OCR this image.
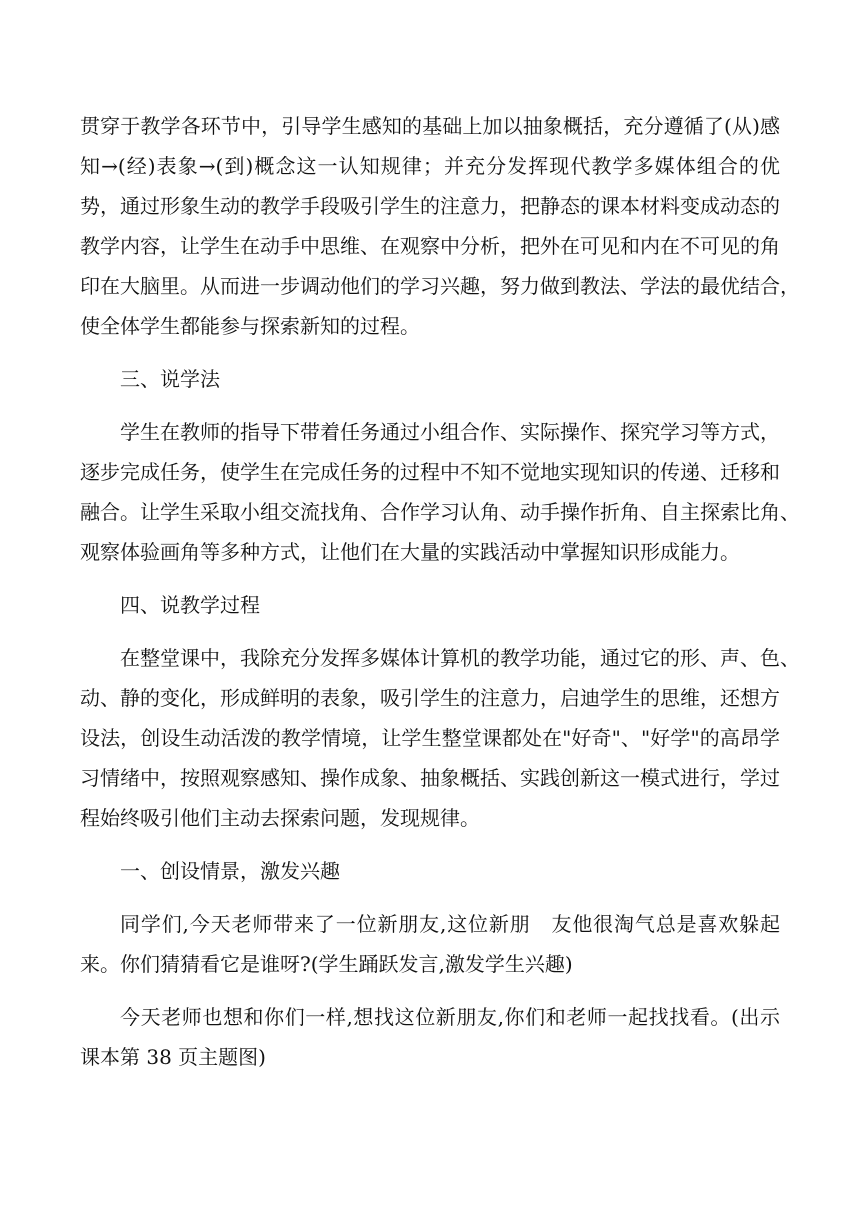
贯穿于教学各环节中，引导学生感知的基础上加以抽象概括，充分遵循了(从)感
知→(经)表象→(到)概念这一认知规律；并充分发挥现代教学多媒体组合的优
势，通过形象生动的教学手段吸引学生的注意力，把静态的课本材料变成动态的
教学内容，让学生在动手中思维、在观察中分析，把外在可见和内在不可见的角
印在大脑里。从而进一步调动他们的学习兴趣，努力做到教法、学法的最优结合，
使全体学生都能参与探索新知的过程。
三、说学法
学生在教师的指导下带着任务通过小组合作、实际操作、探究学习等方式，
逐步完成任务，使学生在完成任务的过程中不知不觉地实现知识的传递、迁移和
融合。让学生采取小组交流找角、合作学习认角、动手操作折角、自主探索比角、
观察体验画角等多种方式，让他们在大量的实践活动中掌握知识形成能力。
四、说教学过程
在整堂课中，我除充分发挥多媒体计算机的教学功能，通过它的形、声、色、
动、静的变化，形成鲜明的表象，吸引学生的注意力，启迪学生的思维，还想方
设法，创设生动活泼的教学情境，让学生整堂课都处在"好奇"、"好学"的高昂学
习情绪中，按照观察感知、操作成象、抽象概括、实践创新这一模式进行，学过
程始终吸引他们主动去探索问题，发现规律。
一、创设情景，激发兴趣
同学们,今天老师带来了一位新朋友,这位新朋　友他很淘气总是喜欢躲起
来。你们猜猜看它是谁呀?(学生踊跃发言,激发学生兴趣)
今天老师也想和你们一样,想找这位新朋友,你们和老师一起找找看。(出示
课本第 38 页主题图)
